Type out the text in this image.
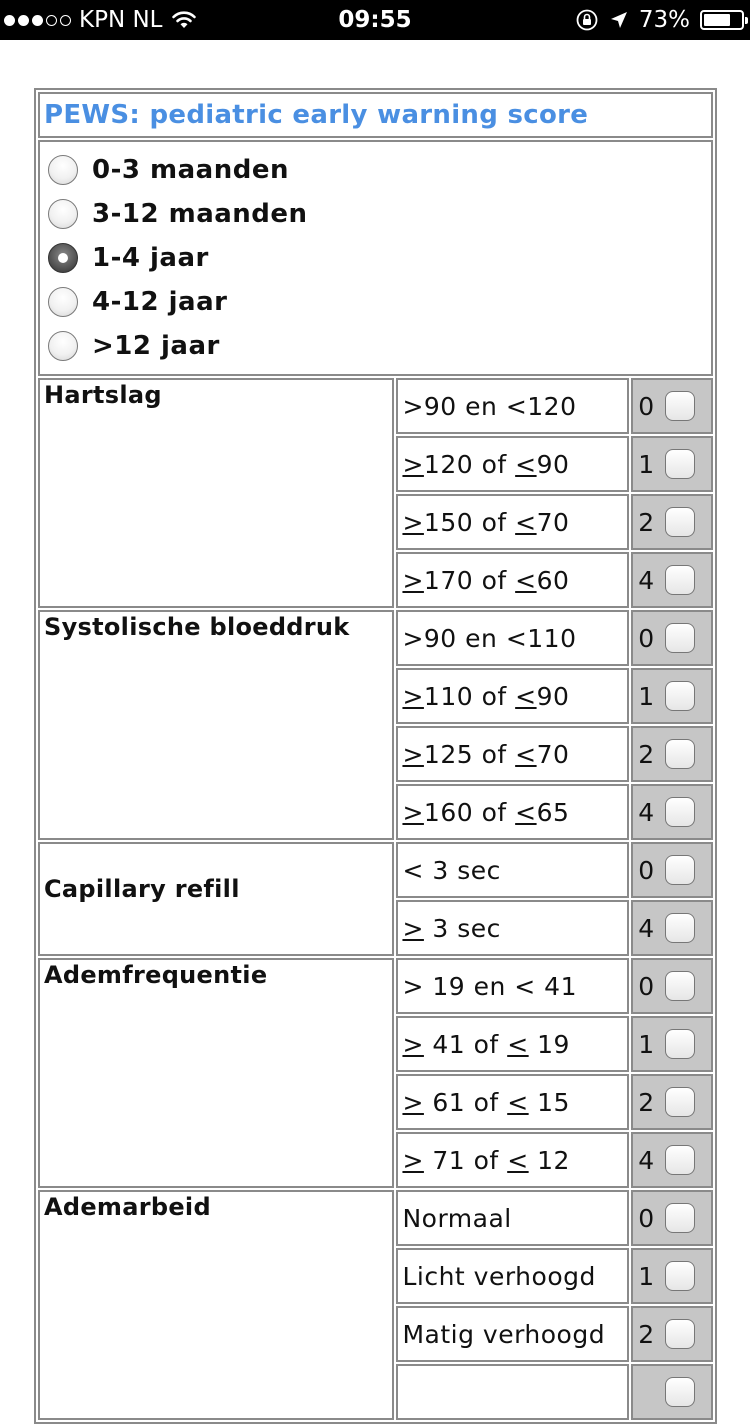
KPN NL	09:55	73%
PEWS: pediatric early warning score		

0-3 maanden
3-12 maanden
1-4 jaar
4-12 jaar
>12 jaar		

Hartslag	>90 en <120	0

	>120 of <90	1

	>150 of <70	2

	>170 of <60	4

Systolische bloeddruk	>90 en <110	0

	>110 of <90	1

	>125 of <70	2

	>160 of <65	4

Capillary refill	< 3 sec	0

	> 3 sec	4

Ademfrequentie	> 19 en < 41	0

	> 41 of < 19	1

	> 61 of < 15	2

	> 71 of < 12	4

Ademarbeid	Normaal	0

	Licht verhoogd	1

	Matig verhoogd	2
